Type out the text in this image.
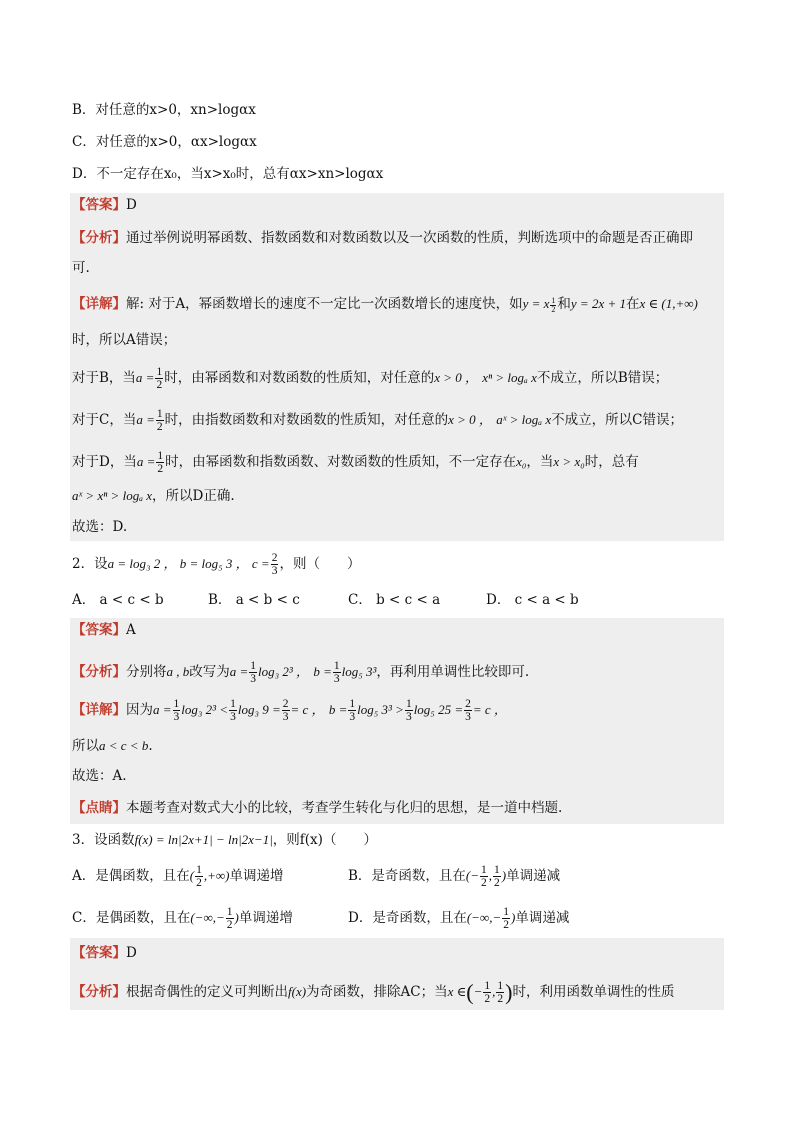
B．对任意的x>0，xn>logαx
C．对任意的x>0，αx>logαx
D．不一定存在x₀，当x>x₀时，总有αx>xn>logαx
【答案】D
【分析】通过举例说明幂函数、指数函数和对数函数以及一次函数的性质，判断选项中的命题是否正确即
可.
【详解】解: 对于A，幂函数增长的速度不一定比一次函数增长的速度快，如y = x $\frac{1}{2}$ 和y = 2x + 1在x ∈ (1,+∞)
时，所以A错误；
对于B，当$a = \frac{1}{2}$ 时，由幂函数和对数函数的性质知，对任意的x > 0 ， xⁿ > logₐ x不成立，所以B错误；
对于C，当$a = \frac{1}{2}$ 时，由指数函数和对数函数的性质知，对任意的x > 0 ， aˣ > logₐ x不成立，所以C错误；
对于D，当$a = \frac{1}{2}$ 时，由幂函数和指数函数、对数函数的性质知，不一定存在x₀，当x > x₀时，总有
aˣ > xⁿ > logₐ x，所以D正确.
故选：D.
2．设a = log₃ 2 ， b = log₅ 3 ， $c = \frac{2}{3}$ ，则（　　）
A． a < c < b	B． a < b < c	C． b < c < a	D． c < a < b
【答案】A
【分析】分别将a , b改写为$a = \frac{1}{3} \log_3$ 2³ ， $b = \frac{1}{3} \log_5$ 3³，再利用单调性比较即可.
【详解】因为$a = \frac{1}{3} \log_3$ $2^3 < \frac{1}{3} \log_3$ $9 = \frac{2}{3} = c$ ， $b = \frac{1}{3} \log_5$ $3^3 > \frac{1}{3} \log_5$ $25 = \frac{2}{3} = c$ ，
所以a < c < b.
故选：A.
【点睛】本题考查对数式大小的比较，考查学生转化与化归的思想，是一道中档题.
3．设函数f(x) = ln|2x+1| − ln|2x−1|，则f(x)（　　）
A．是偶函数，且在( $\frac{1}{2}$ ,+∞)单调递增	B．是奇函数，且在(− $\frac{1}{2}$ , $\frac{1}{2}$ )单调递减
C．是偶函数，且在(−∞,− $\frac{1}{2}$ )单调递增	D．是奇函数，且在(−∞,− $\frac{1}{2}$ )单调递减
【答案】D
【分析】根据奇偶性的定义可判断出f(x)为奇函数，排除AC；当x ∈(− $\frac{1}{2}$ , $\frac{1}{2}$ )时，利用函数单调性的性质
